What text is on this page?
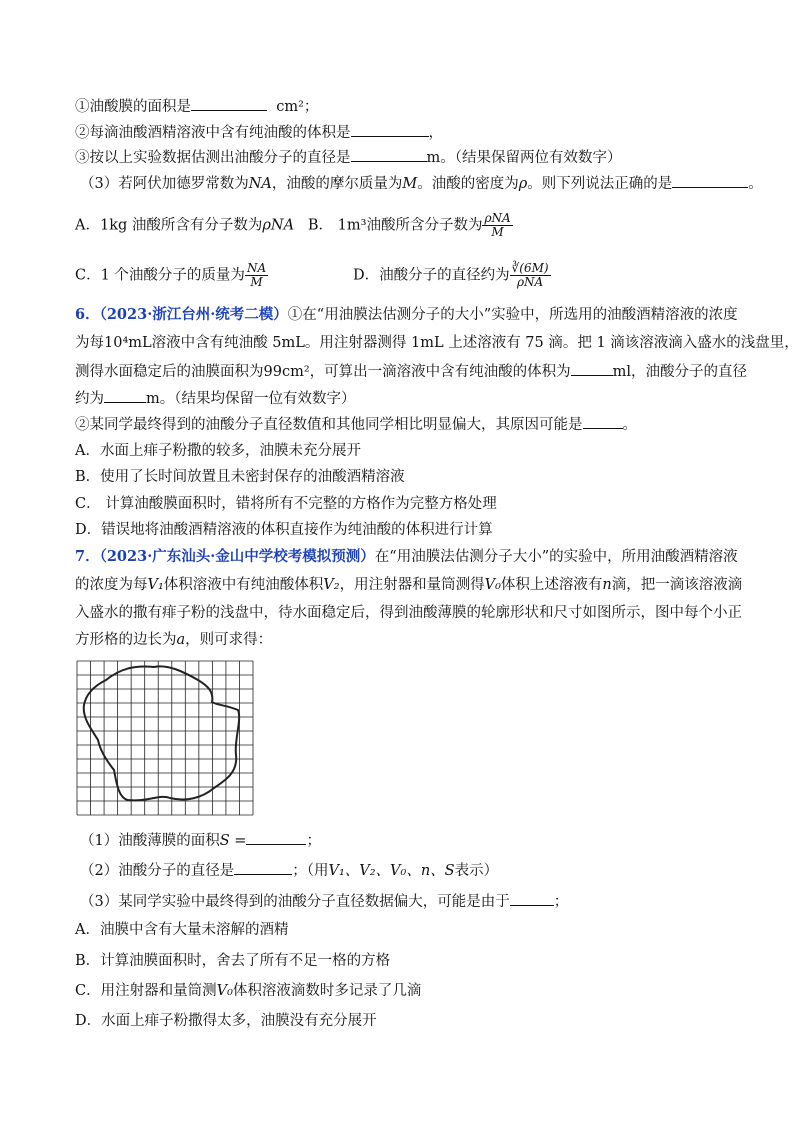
①油酸膜的面积是	cm²；
②每滴油酸酒精溶液中含有纯油酸的体积是	，
③按以上实验数据估测出油酸分子的直径是	m。（结果保留两位有效数字）
（3）若阿伏加德罗常数为NA，油酸的摩尔质量为M。油酸的密度为ρ。则下列说法正确的是	。
A．1kg 油酸所含有分子数为ρNA B． 1m³油酸所含分子数为 $\frac{\text{ρNA}}{M}$
C．1 个油酸分子的质量为 $\frac{NA}{M}$	D．油酸分子的直径约为 $\frac{∛(6M)}{\text{ρNA}}$
6．（2023·浙江台州·统考二模）①在“用油膜法估测分子的大小”实验中，所选用的油酸酒精溶液的浓度
为每10⁴mL溶液中含有纯油酸 5mL。用注射器测得 1mL 上述溶液有 75 滴。把 1 滴该溶液滴入盛水的浅盘里，
测得水面稳定后的油膜面积为99cm²，可算出一滴溶液中含有纯油酸的体积为	ml，油酸分子的直径
约为	m。（结果均保留一位有效数字）
②某同学最终得到的油酸分子直径数值和其他同学相比明显偏大，其原因可能是	。
A．水面上痱子粉撒的较多，油膜未充分展开
B．使用了长时间放置且未密封保存的油酸酒精溶液
C． 计算油酸膜面积时，错将所有不完整的方格作为完整方格处理
D．错误地将油酸酒精溶液的体积直接作为纯油酸的体积进行计算
7．（2023·广东汕头·金山中学校考模拟预测）在“用油膜法估测分子大小”的实验中，所用油酸酒精溶液
的浓度为每V₁体积溶液中有纯油酸体积V₂，用注射器和量筒测得V₀体积上述溶液有n滴，把一滴该溶液滴
入盛水的撒有痱子粉的浅盘中，待水面稳定后，得到油酸薄膜的轮廓形状和尺寸如图所示，图中每个小正
方形格的边长为a，则可求得：
（1）油酸薄膜的面积S =	；
（2）油酸分子的直径是	；（用V₁、V₂、V₀、n、S表示）
（3）某同学实验中最终得到的油酸分子直径数据偏大，可能是由于	；
A．油膜中含有大量未溶解的酒精
B．计算油膜面积时，舍去了所有不足一格的方格
C．用注射器和量筒测V₀体积溶液滴数时多记录了几滴
D．水面上痱子粉撒得太多，油膜没有充分展开
